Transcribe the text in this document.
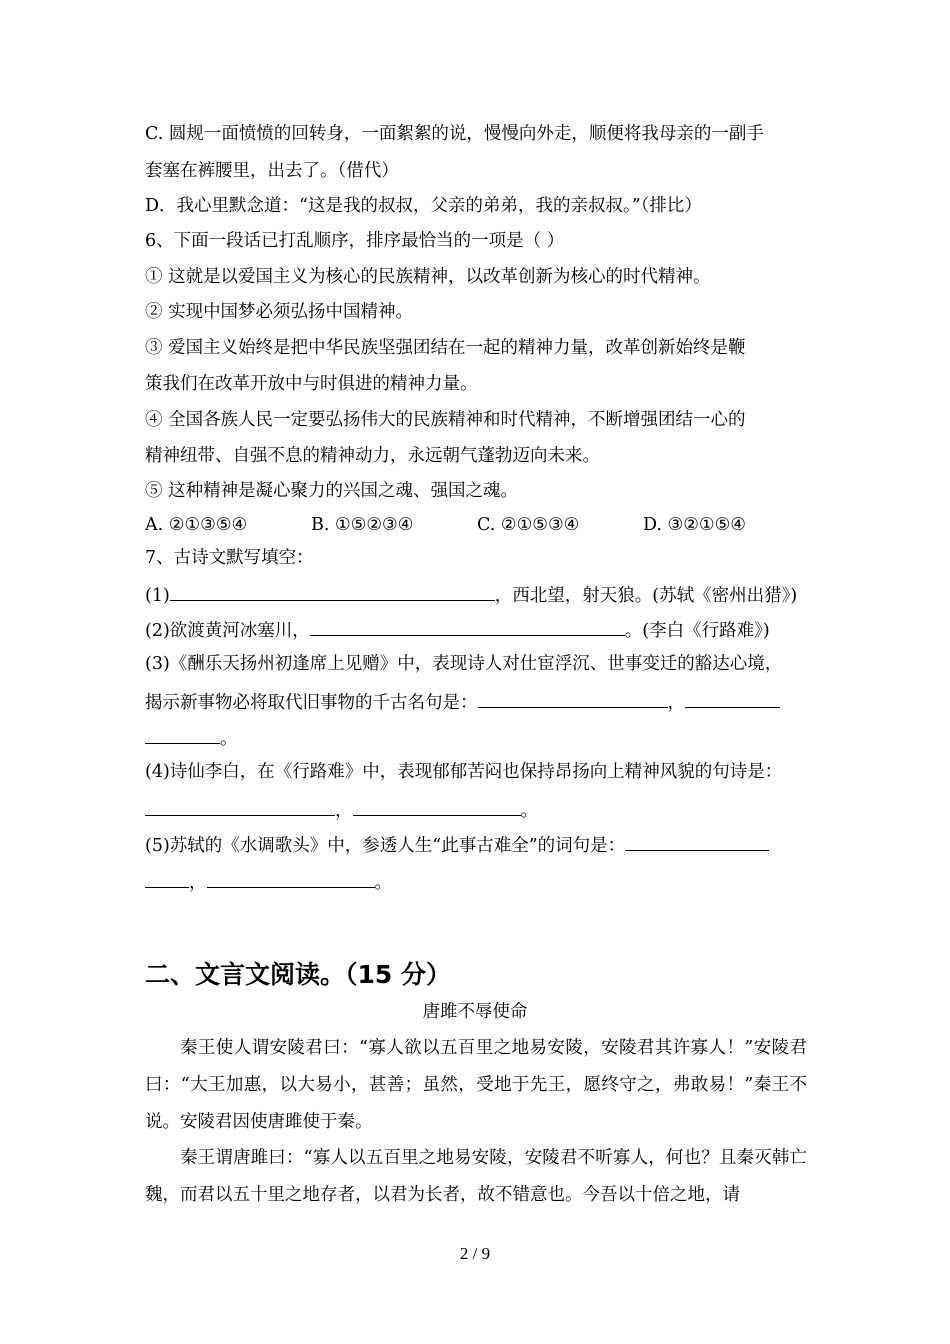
C. 圆规一面愤愤的回转身，一面絮絮的说，慢慢向外走，顺便将我母亲的一副手
套塞在裤腰里，出去了。（借代）
D．我心里默念道：“这是我的叔叔，父亲的弟弟，我的亲叔叔。”（排比）
6、下面一段话已打乱顺序，排序最恰当的一项是（ ）
① 这就是以爱国主义为核心的民族精神，以改革创新为核心的时代精神。
② 实现中国梦必须弘扬中国精神。
③ 爱国主义始终是把中华民族坚强团结在一起的精神力量，改革创新始终是鞭
策我们在改革开放中与时俱进的精神力量。
④ 全国各族人民一定要弘扬伟大的民族精神和时代精神，不断增强团结一心的
精神纽带、自强不息的精神动力，永远朝气蓬勃迈向未来。
⑤ 这种精神是凝心聚力的兴国之魂、强国之魂。
A. ②①③⑤④	B. ①⑤②③④	C. ②①⑤③④	D. ③②①⑤④
7、古诗文默写填空：
(1)	，西北望，射天狼。(苏轼《密州出猎》)
(2)欲渡黄河冰塞川，	。(李白《行路难》)
(3)《酬乐天扬州初逢席上见赠》中，表现诗人对仕宦浮沉、世事变迁的豁达心境，
揭示新事物必将取代旧事物的千古名句是：	，
。
(4)诗仙李白，在《行路难》中，表现郁郁苦闷也保持昂扬向上精神风貌的句诗是：
，	。
(5)苏轼的《水调歌头》中，参透人生“此事古难全”的词句是：
，	。
二、文言文阅读。（15 分）
唐雎不辱使命
秦王使人谓安陵君曰：“寡人欲以五百里之地易安陵，安陵君其许寡人！”安陵君曰：“大王加惠，以大易小，甚善；虽然，受地于先王，愿终守之，弗敢易！”秦王不说。安陵君因使唐雎使于秦。
秦王谓唐雎曰：“寡人以五百里之地易安陵，安陵君不听寡人，何也？且秦灭韩亡魏，而君以五十里之地存者，以君为长者，故不错意也。今吾以十倍之地，请
2 / 9
